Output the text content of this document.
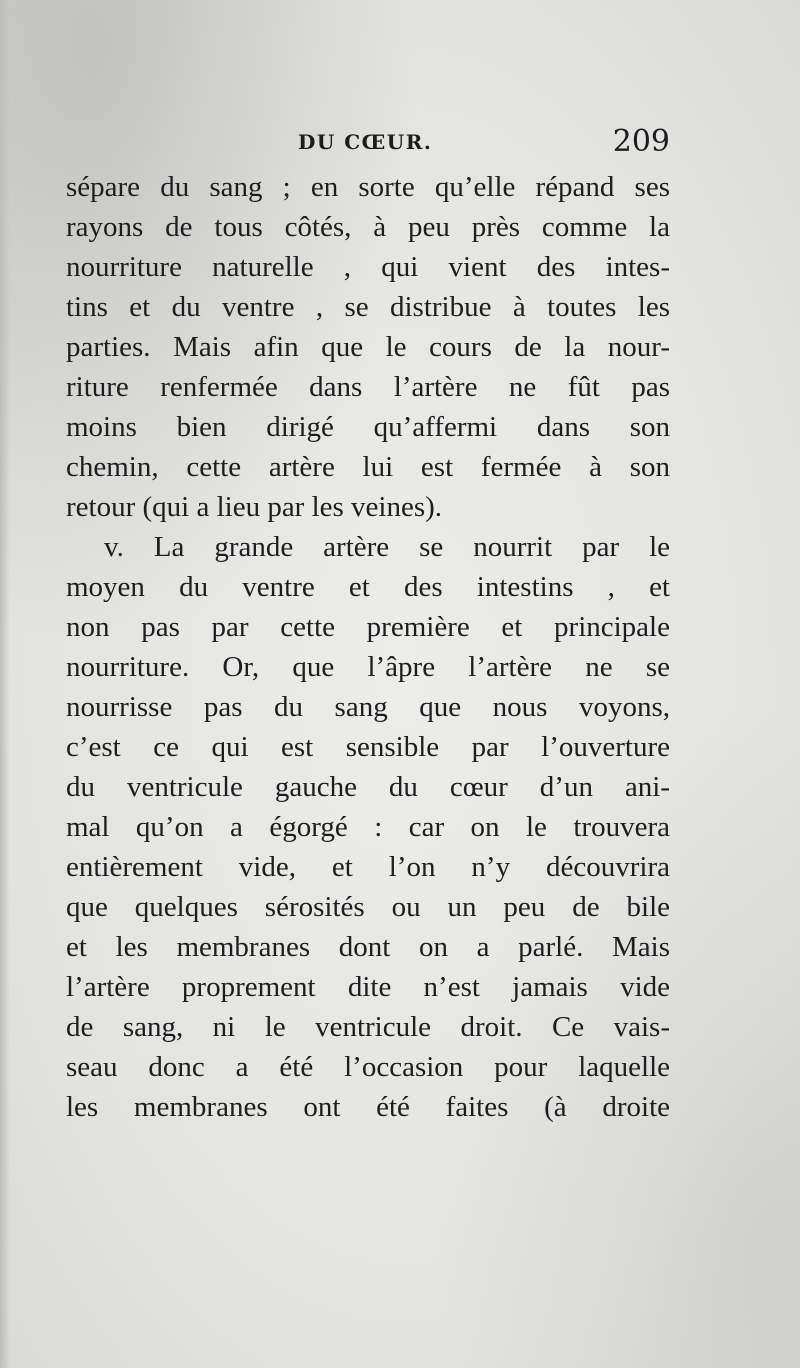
DU CŒUR.	209
sépare du sang ; en sorte qu’elle répand ses
rayons de tous côtés, à peu près comme la
nourriture naturelle , qui vient des intes-
tins et du ventre , se distribue à toutes les
parties. Mais afin que le cours de la nour-
riture renfermée dans l’artère ne fût pas
moins bien dirigé qu’affermi dans son
chemin, cette artère lui est fermée à son
retour (qui a lieu par les veines).
v. La grande artère se nourrit par le
moyen du ventre et des intestins , et
non pas par cette première et principale
nourriture. Or, que l’âpre l’artère ne se
nourrisse pas du sang que nous voyons,
c’est ce qui est sensible par l’ouverture
du ventricule gauche du cœur d’un ani-
mal qu’on a égorgé : car on le trouvera
entièrement vide, et l’on n’y découvrira
que quelques sérosités ou un peu de bile
et les membranes dont on a parlé. Mais
l’artère proprement dite n’est jamais vide
de sang, ni le ventricule droit. Ce vais-
seau donc a été l’occasion pour laquelle
les membranes ont été faites (à droite
